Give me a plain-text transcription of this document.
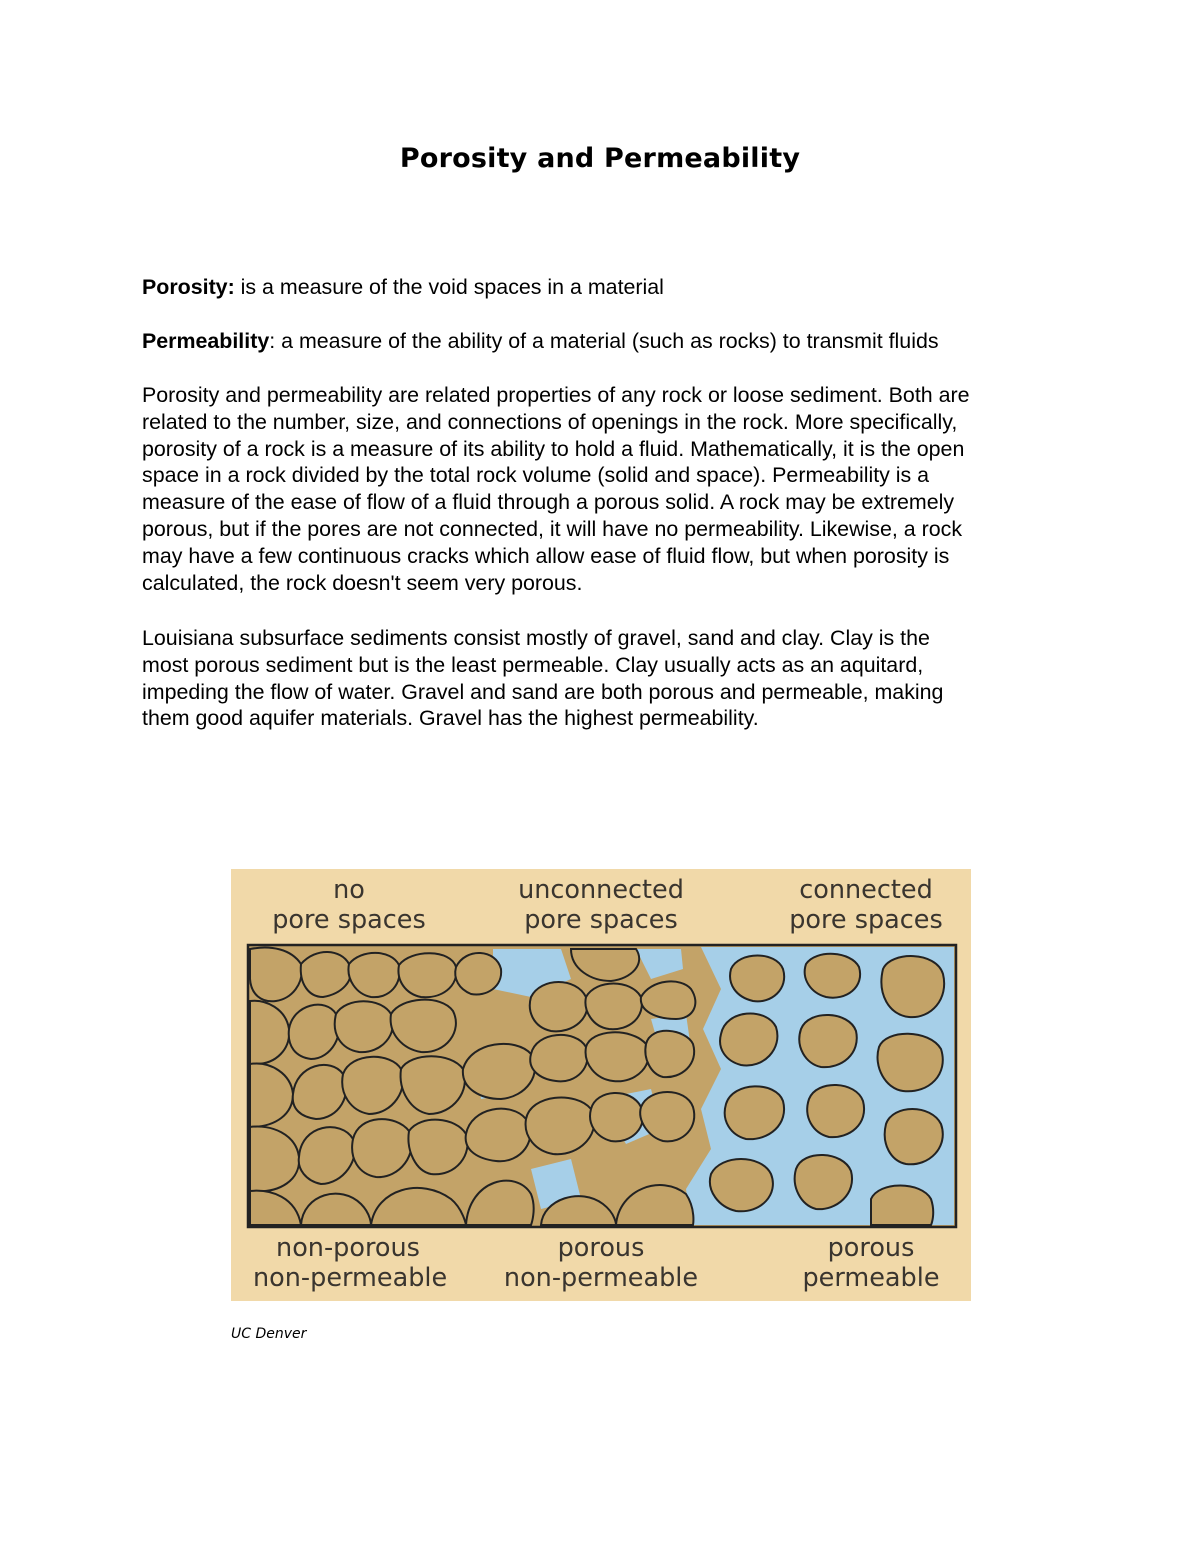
Porosity and Permeability

Porosity: is a measure of the void spaces in a material

Permeability: a measure of the ability of a material (such as rocks) to transmit fluids

Porosity and permeability are related properties of any rock or loose sediment. Both are
related to the number, size, and connections of openings in the rock. More specifically,
porosity of a rock is a measure of its ability to hold a fluid. Mathematically, it is the open
space in a rock divided by the total rock volume (solid and space). Permeability is a
measure of the ease of flow of a fluid through a porous solid. A rock may be extremely
porous, but if the pores are not connected, it will have no permeability. Likewise, a rock
may have a few continuous cracks which allow ease of fluid flow, but when porosity is
calculated, the rock doesn't seem very porous.
Louisiana subsurface sediments consist mostly of gravel, sand and clay. Clay is the
most porous sediment but is the least permeable. Clay usually acts as an aquitard,
impeding the flow of water. Gravel and sand are both porous and permeable, making
them good aquifer materials. Gravel has the highest permeability.
no
pore spaces
unconnected
pore spaces
connected
pore spaces
non-porous
non-permeable
porous
non-permeable
porous
permeable
UC Denver
